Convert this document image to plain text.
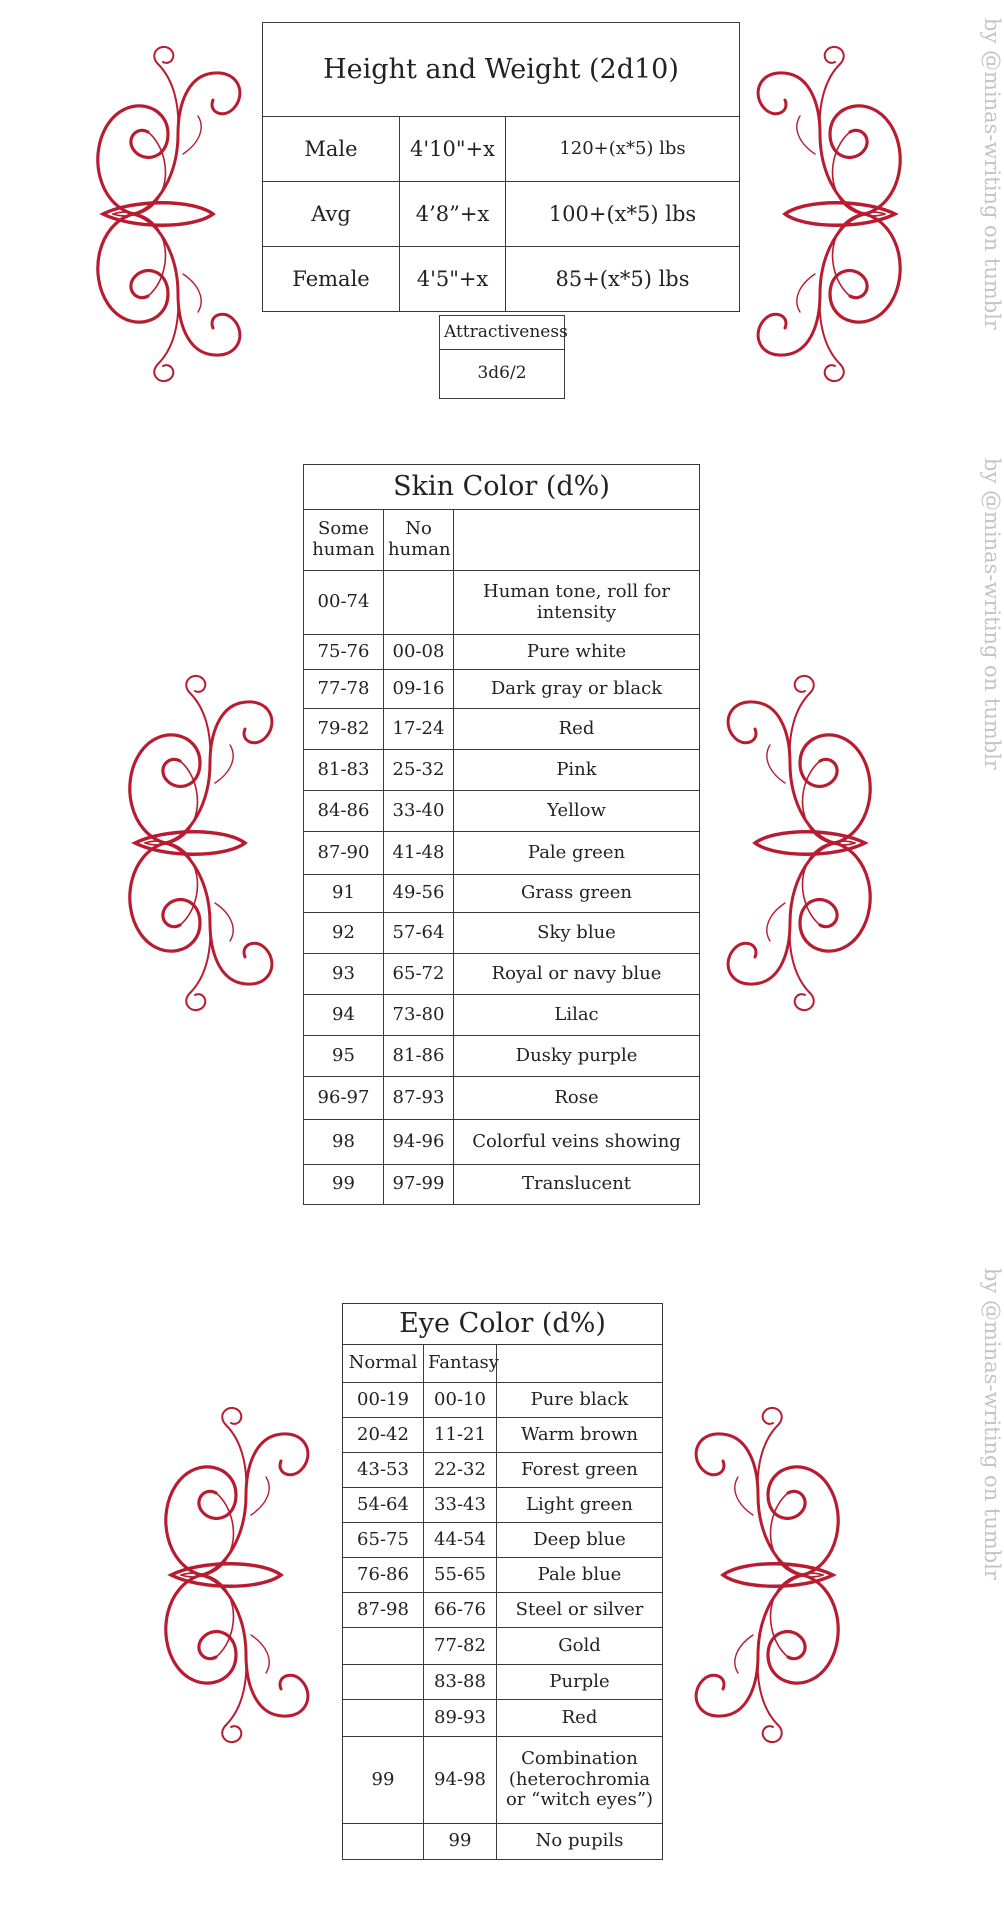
by @minas-writing on tumblr
by @minas-writing on tumblr
by @minas-writing on tumblr
Height and Weight (2d10)		
Male	4'10"+x	120+(x*5) lbs
Avg	4’8”+x	100+(x*5) lbs
Female	4'5"+x	85+(x*5) lbs
Attractiveness
3d6/2
Skin Color (d%)		
Some human	No human	
00-74		Human tone, roll for intensity
75-76	00-08	Pure white
77-78	09-16	Dark gray or black
79-82	17-24	Red
81-83	25-32	Pink
84-86	33-40	Yellow
87-90	41-48	Pale green
91	49-56	Grass green
92	57-64	Sky blue
93	65-72	Royal or navy blue
94	73-80	Lilac
95	81-86	Dusky purple
96-97	87-93	Rose
98	94-96	Colorful veins showing
99	97-99	Translucent
Eye Color (d%)		
Normal	Fantasy	
00-19	00-10	Pure black
20-42	11-21	Warm brown
43-53	22-32	Forest green
54-64	33-43	Light green
65-75	44-54	Deep blue
76-86	55-65	Pale blue
87-98	66-76	Steel or silver
	77-82	Gold
	83-88	Purple
	89-93	Red
99	94-98	Combination (heterochromia or “witch eyes”)
	99	No pupils
